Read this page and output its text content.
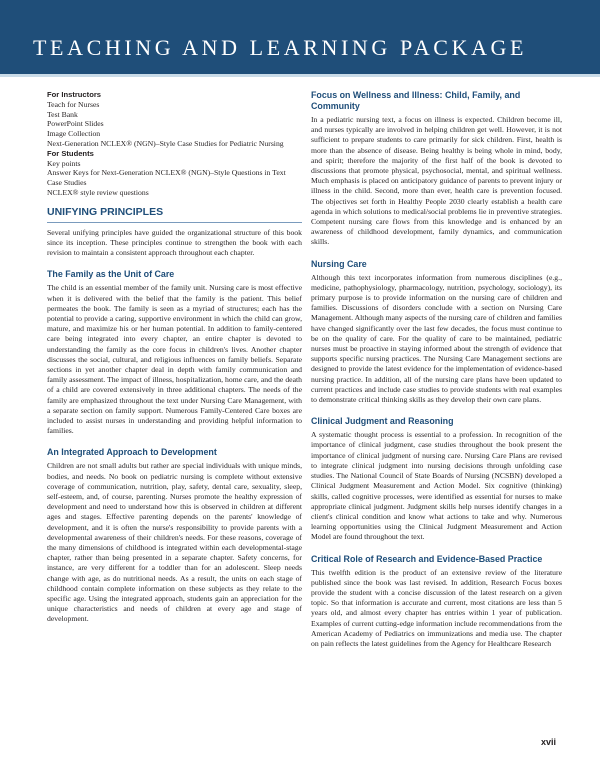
TEACHING AND LEARNING PACKAGE
For Instructors
Teach for Nurses
Test Bank
PowerPoint Slides
Image Collection
Next-Generation NCLEX® (NGN)–Style Case Studies for Pediatric Nursing
For Students
Key points
Answer Keys for Next-Generation NCLEX® (NGN)–Style Questions in Text
Case Studies
NCLEX® style review questions
UNIFYING PRINCIPLES

Several unifying principles have guided the organizational structure of this book since its inception. These principles continue to strengthen the book with each revision to maintain a consistent approach throughout each chapter.

The Family as the Unit of Care

The child is an essential member of the family unit. Nursing care is most effective when it is delivered with the belief that the family is the patient. This belief permeates the book. The family is seen as a myriad of structures; each has the potential to provide a caring, supportive environment in which the child can grow, mature, and maximize his or her human potential. In addition to family-centered care being integrated into every chapter, an entire chapter is devoted to understanding the family as the core focus in children's lives. Another chapter discusses the social, cultural, and religious influences on family beliefs. Separate sections in yet another chapter deal in depth with family communication and family assessment. The impact of illness, hospitalization, home care, and the death of a child are covered extensively in three additional chapters. The needs of the family are emphasized throughout the text under Nursing Care Management, with a separate section on family support. Numerous Family-Centered Care boxes are included to assist nurses in understanding and providing helpful information to families.

An Integrated Approach to Development

Children are not small adults but rather are special individuals with unique minds, bodies, and needs. No book on pediatric nursing is complete without extensive coverage of communication, nutrition, play, safety, dental care, sexuality, sleep, self-esteem, and, of course, parenting. Nurses promote the healthy expression of development and need to understand how this is observed in children at different ages and stages. Effective parenting depends on the parents' knowledge of development, and it is often the nurse's responsibility to provide parents with a developmental awareness of their children's needs. For these reasons, coverage of the many dimensions of childhood is integrated within each developmental-stage chapter, rather than being presented in a separate chapter. Safety concerns, for instance, are very different for a toddler than for an adolescent. Sleep needs change with age, as do nutritional needs. As a result, the units on each stage of childhood contain complete information on these subjects as they relate to the specific age. Using the integrated approach, students gain an appreciation for the unique characteristics and needs of children at every age and stage of development.

Focus on Wellness and Illness: Child, Family, and Community

In a pediatric nursing text, a focus on illness is expected. Children become ill, and nurses typically are involved in helping children get well. However, it is not sufficient to prepare students to care primarily for sick children. First, health is more than the absence of disease. Being healthy is being whole in mind, body, and spirit; therefore the majority of the first half of the book is devoted to discussions that promote physical, psychosocial, mental, and spiritual wellness. Much emphasis is placed on anticipatory guidance of parents to prevent injury or illness in the child. Second, more than ever, health care is prevention focused. The objectives set forth in Healthy People 2030 clearly establish a health care agenda in which solutions to medical/social problems lie in preventive strategies. Competent nursing care flows from this knowledge and is enhanced by an awareness of childhood development, family dynamics, and communication skills.

Nursing Care

Although this text incorporates information from numerous disciplines (e.g., medicine, pathophysiology, pharmacology, nutrition, psychology, sociology), its primary purpose is to provide information on the nursing care of children and families. Discussions of disorders conclude with a section on Nursing Care Management. Although many aspects of the nursing care of children and families have changed significantly over the last few decades, the focus must continue to be on the quality of care. For the quality of care to be maintained, pediatric nurses must be proactive in staying informed about the strength of evidence that supports specific nursing practices. The Nursing Care Management sections are designed to provide the latest evidence for the implementation of evidence-based nursing practice. In addition, all of the nursing care plans have been updated to current practices and include case studies to provide students with real examples to demonstrate critical thinking skills as they develop their own care plans.

Clinical Judgment and Reasoning

A systematic thought process is essential to a profession. In recognition of the importance of clinical judgment, case studies throughout the book present the importance of clinical judgment of nursing care. Nursing Care Plans are revised to integrate clinical judgment into nursing decisions through unfolding case studies. The National Council of State Boards of Nursing (NCSBN) developed a Clinical Judgment Measurement and Action Model. Six cognitive (thinking) skills, called cognitive processes, were identified as essential for nurses to make appropriate clinical judgment. Judgment skills help nurses identify changes in a client's clinical condition and know what actions to take and why. Numerous learning opportunities using the Clinical Judgment Measurement and Action Model are found throughout the text.

Critical Role of Research and Evidence-Based Practice

This twelfth edition is the product of an extensive review of the literature published since the book was last revised. In addition, Research Focus boxes provide the student with a concise discussion of the latest research on a given topic. So that information is accurate and current, most citations are less than 5 years old, and almost every chapter has entries within 1 year of publication. Examples of current cutting-edge information include recommendations from the American Academy of Pediatrics on immunizations and media use. The chapter on pain reflects the latest guidelines from the Agency for Healthcare Research

xvii
